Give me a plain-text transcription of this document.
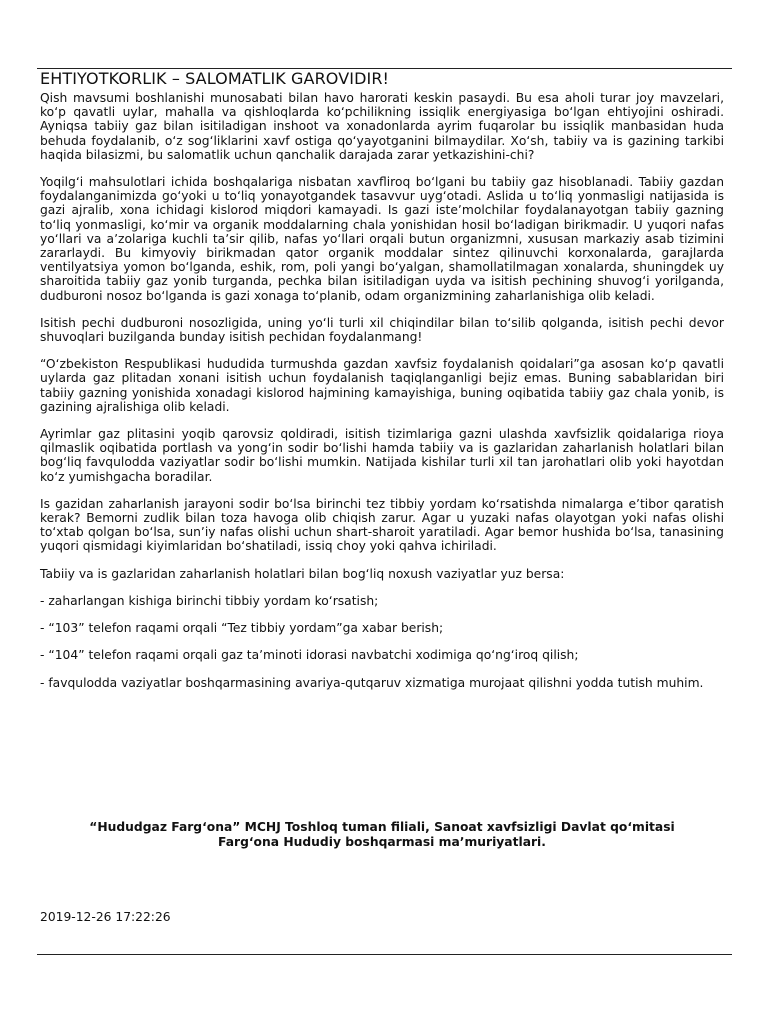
EHTIYOTKORLIK – SALOMATLIK GAROVIDIR!

Qish mavsumi boshlanishi munosabati bilan havo harorati keskin pasaydi. Bu esa aholi turar joy mavzelari, koʻp qavatli uylar, mahalla va qishloqlarda koʻpchilikning issiqlik energiyasiga boʻlgan ehtiyojini oshiradi. Ayniqsa tabiiy gaz bilan isitiladigan inshoot va xonadonlarda ayrim fuqarolar bu issiqlik manbasidan huda behuda foydalanib, oʻz sogʻliklarini xavf ostiga qoʻyayotganini bilmaydilar. Xoʻsh, tabiiy va is gazining tarkibi haqida bilasizmi, bu salomatlik uchun qanchalik darajada zarar yetkazishini-chi?

Yoqilgʻi mahsulotlari ichida boshqalariga nisbatan xavfliroq boʻlgani bu tabiiy gaz hisoblanadi. Tabiiy gazdan foydalanganimizda goʻyoki u toʻliq yonayotgandek tasavvur uygʻotadi. Aslida u toʻliq yonmasligi natijasida is gazi ajralib, xona ichidagi kislorod miqdori kamayadi. Is gazi isteʼmolchilar foydalanayotgan tabiiy gazning toʻliq yonmasligi, koʻmir va organik moddalarning chala yonishidan hosil boʻladigan birikmadir. U yuqori nafas yoʻllari va aʼzolariga kuchli taʼsir qilib, nafas yoʻllari orqali butun organizmni, xususan markaziy asab tizimini zararlaydi. Bu kimyoviy birikmadan qator organik moddalar sintez qilinuvchi korxonalarda, garajlarda ventilyatsiya yomon boʻlganda, eshik, rom, poli yangi boʻyalgan, shamollatilmagan xonalarda, shuningdek uy sharoitida tabiiy gaz yonib turganda, pechka bilan isitiladigan uyda va isitish pechining shuvogʻi yorilganda, dudburoni nosoz boʻlganda is gazi xonaga toʻplanib, odam organizmining zaharlanishiga olib keladi.

Isitish pechi dudburoni nosozligida, uning yoʻli turli xil chiqindilar bilan toʻsilib qolganda, isitish pechi devor shuvoqlari buzilganda bunday isitish pechidan foydalanmang!

“Oʻzbekiston Respublikasi hududida turmushda gazdan xavfsiz foydalanish qoidalari”ga asosan koʻp qavatli uylarda gaz plitadan xonani isitish uchun foydalanish taqiqlanganligi bejiz emas. Buning sabablaridan biri tabiiy gazning yonishida xonadagi kislorod hajmining kamayishiga, buning oqibatida tabiiy gaz chala yonib, is gazining ajralishiga olib keladi.

Ayrimlar gaz plitasini yoqib qarovsiz qoldiradi, isitish tizimlariga gazni ulashda xavfsizlik qoidalariga rioya qilmaslik oqibatida portlash va yongʻin sodir boʻlishi hamda tabiiy va is gazlaridan zaharlanish holatlari bilan bogʻliq favqulodda vaziyatlar sodir boʻlishi mumkin. Natijada kishilar turli xil tan jarohatlari olib yoki hayotdan koʻz yumishgacha boradilar.

Is gazidan zaharlanish jarayoni sodir boʻlsa birinchi tez tibbiy yordam koʻrsatishda nimalarga eʼtibor qaratish kerak? Bemorni zudlik bilan toza havoga olib chiqish zarur. Agar u yuzaki nafas olayotgan yoki nafas olishi toʻxtab qolgan boʻlsa, sunʼiy nafas olishi uchun shart-sharoit yaratiladi. Agar bemor hushida boʻlsa, tanasining yuqori qismidagi kiyimlaridan boʻshatiladi, issiq choy yoki qahva ichiriladi.

Tabiiy va is gazlaridan zaharlanish holatlari bilan bogʻliq noxush vaziyatlar yuz bersa:

- zaharlangan kishiga birinchi tibbiy yordam koʻrsatish;

- “103” telefon raqami orqali “Tez tibbiy yordam”ga xabar berish;

- “104” telefon raqami orqali gaz taʼminoti idorasi navbatchi xodimiga qoʻngʻiroq qilish;

- favqulodda vaziyatlar boshqarmasining avariya-qutqaruv xizmatiga murojaat qilishni yodda tutish muhim.

“Hududgaz Fargʻona” MCHJ Toshloq tuman filiali, Sanoat xavfsizligi Davlat qoʻmitasi
Fargʻona Hududiy boshqarmasi maʼmuriyatlari.
2019-12-26 17:22:26
